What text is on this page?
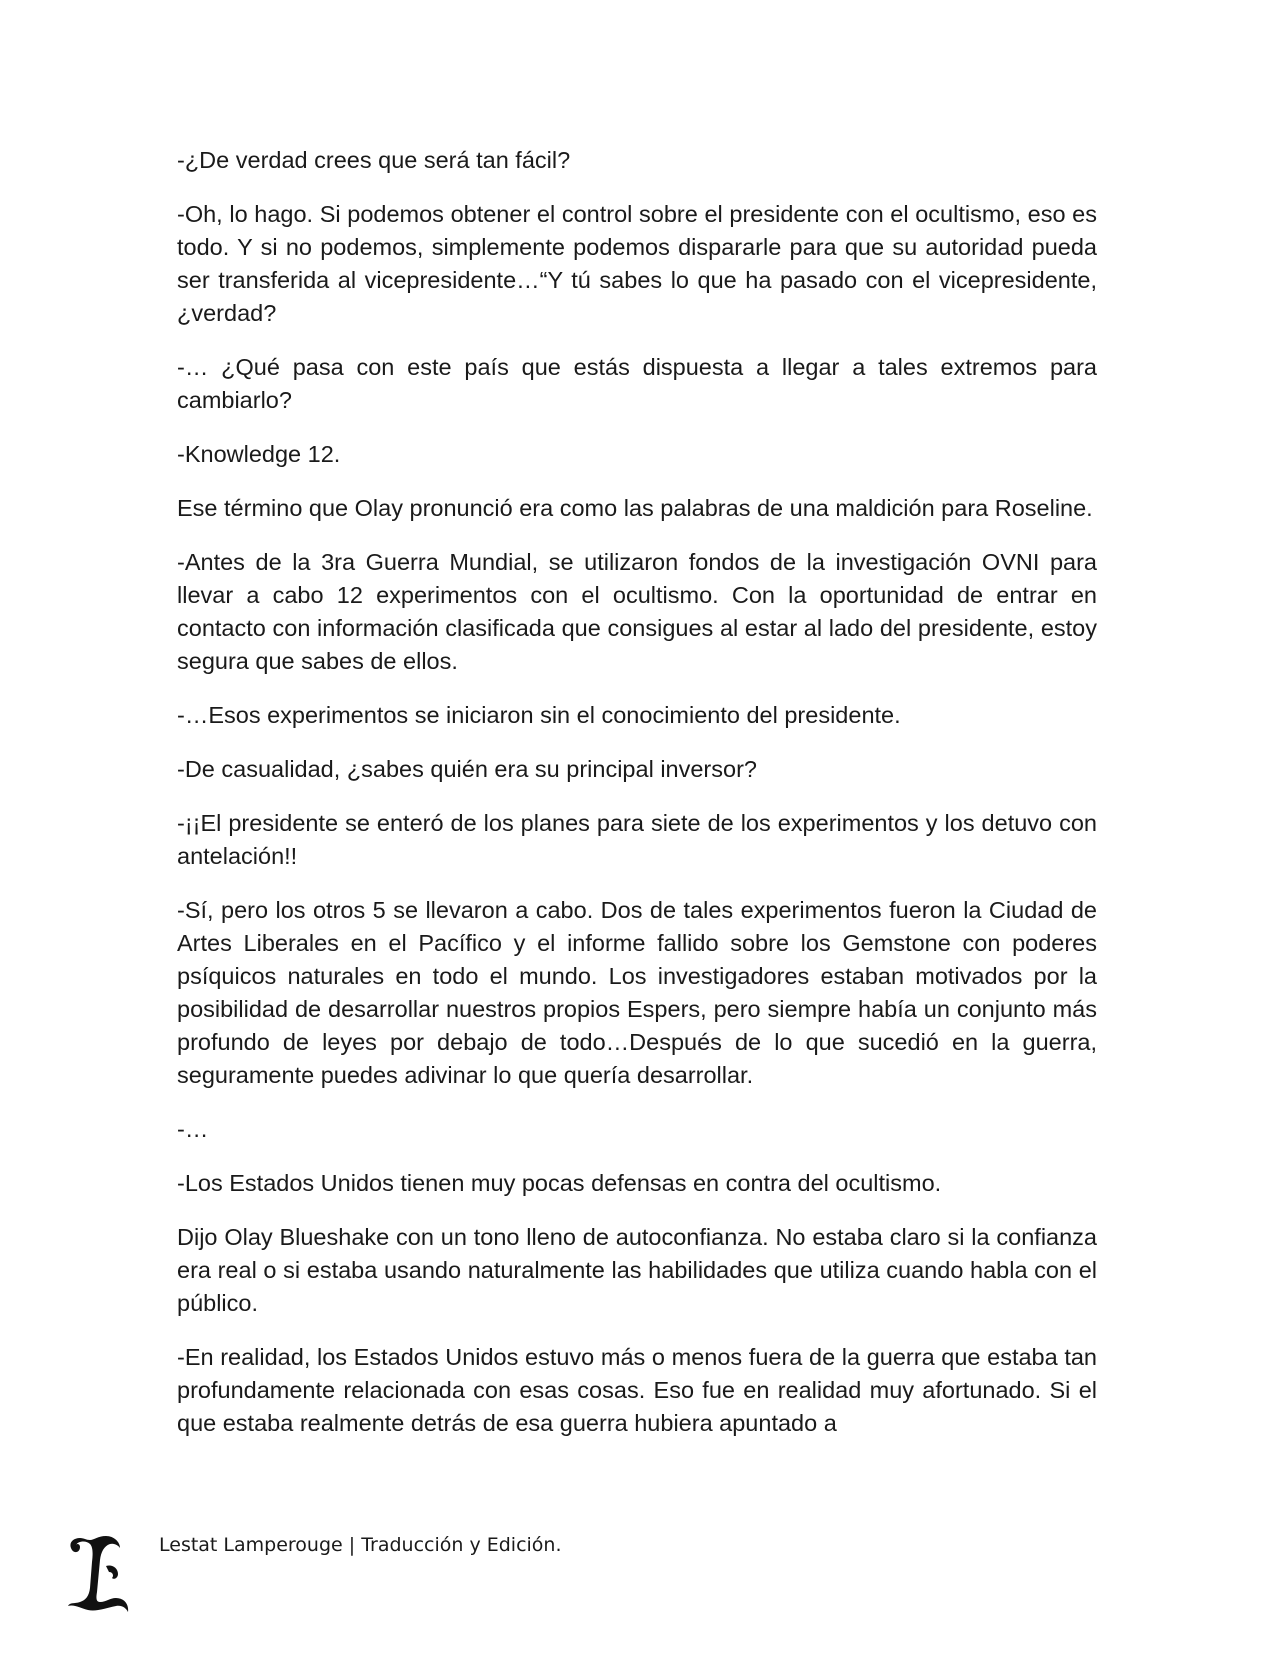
-¿De verdad crees que será tan fácil?

-Oh, lo hago. Si podemos obtener el control sobre el presidente con el ocultismo, eso es todo. Y si no podemos, simplemente podemos dispararle para que su autoridad pueda ser transferida al vicepresidente…“Y tú sabes lo que ha pasado con el vicepresidente, ¿verdad?

-… ¿Qué pasa con este país que estás dispuesta a llegar a tales extremos para cambiarlo?

-Knowledge 12.

Ese término que Olay pronunció era como las palabras de una maldición para Roseline.

-Antes de la 3ra Guerra Mundial, se utilizaron fondos de la investigación OVNI para llevar a cabo 12 experimentos con el ocultismo. Con la oportunidad de entrar en contacto con información clasificada que consigues al estar al lado del presidente, estoy segura que sabes de ellos.

-…Esos experimentos se iniciaron sin el conocimiento del presidente.

-De casualidad, ¿sabes quién era su principal inversor?

-¡¡El presidente se enteró de los planes para siete de los experimentos y los detuvo con antelación!!

-Sí, pero los otros 5 se llevaron a cabo. Dos de tales experimentos fueron la Ciudad de Artes Liberales en el Pacífico y el informe fallido sobre los Gemstone con poderes psíquicos naturales en todo el mundo. Los investigadores estaban motivados por la posibilidad de desarrollar nuestros propios Espers, pero siempre había un conjunto más profundo de leyes por debajo de todo…Después de lo que sucedió en la guerra, seguramente puedes adivinar lo que quería desarrollar.

-…

-Los Estados Unidos tienen muy pocas defensas en contra del ocultismo.

Dijo Olay Blueshake con un tono lleno de autoconfianza. No estaba claro si la confianza era real o si estaba usando naturalmente las habilidades que utiliza cuando habla con el público.

-En realidad, los Estados Unidos estuvo más o menos fuera de la guerra que estaba tan profundamente relacionada con esas cosas. Eso fue en realidad muy afortunado. Si el que estaba realmente detrás de esa guerra hubiera apuntado a

Lestat Lamperouge | Traducción y Edición.
